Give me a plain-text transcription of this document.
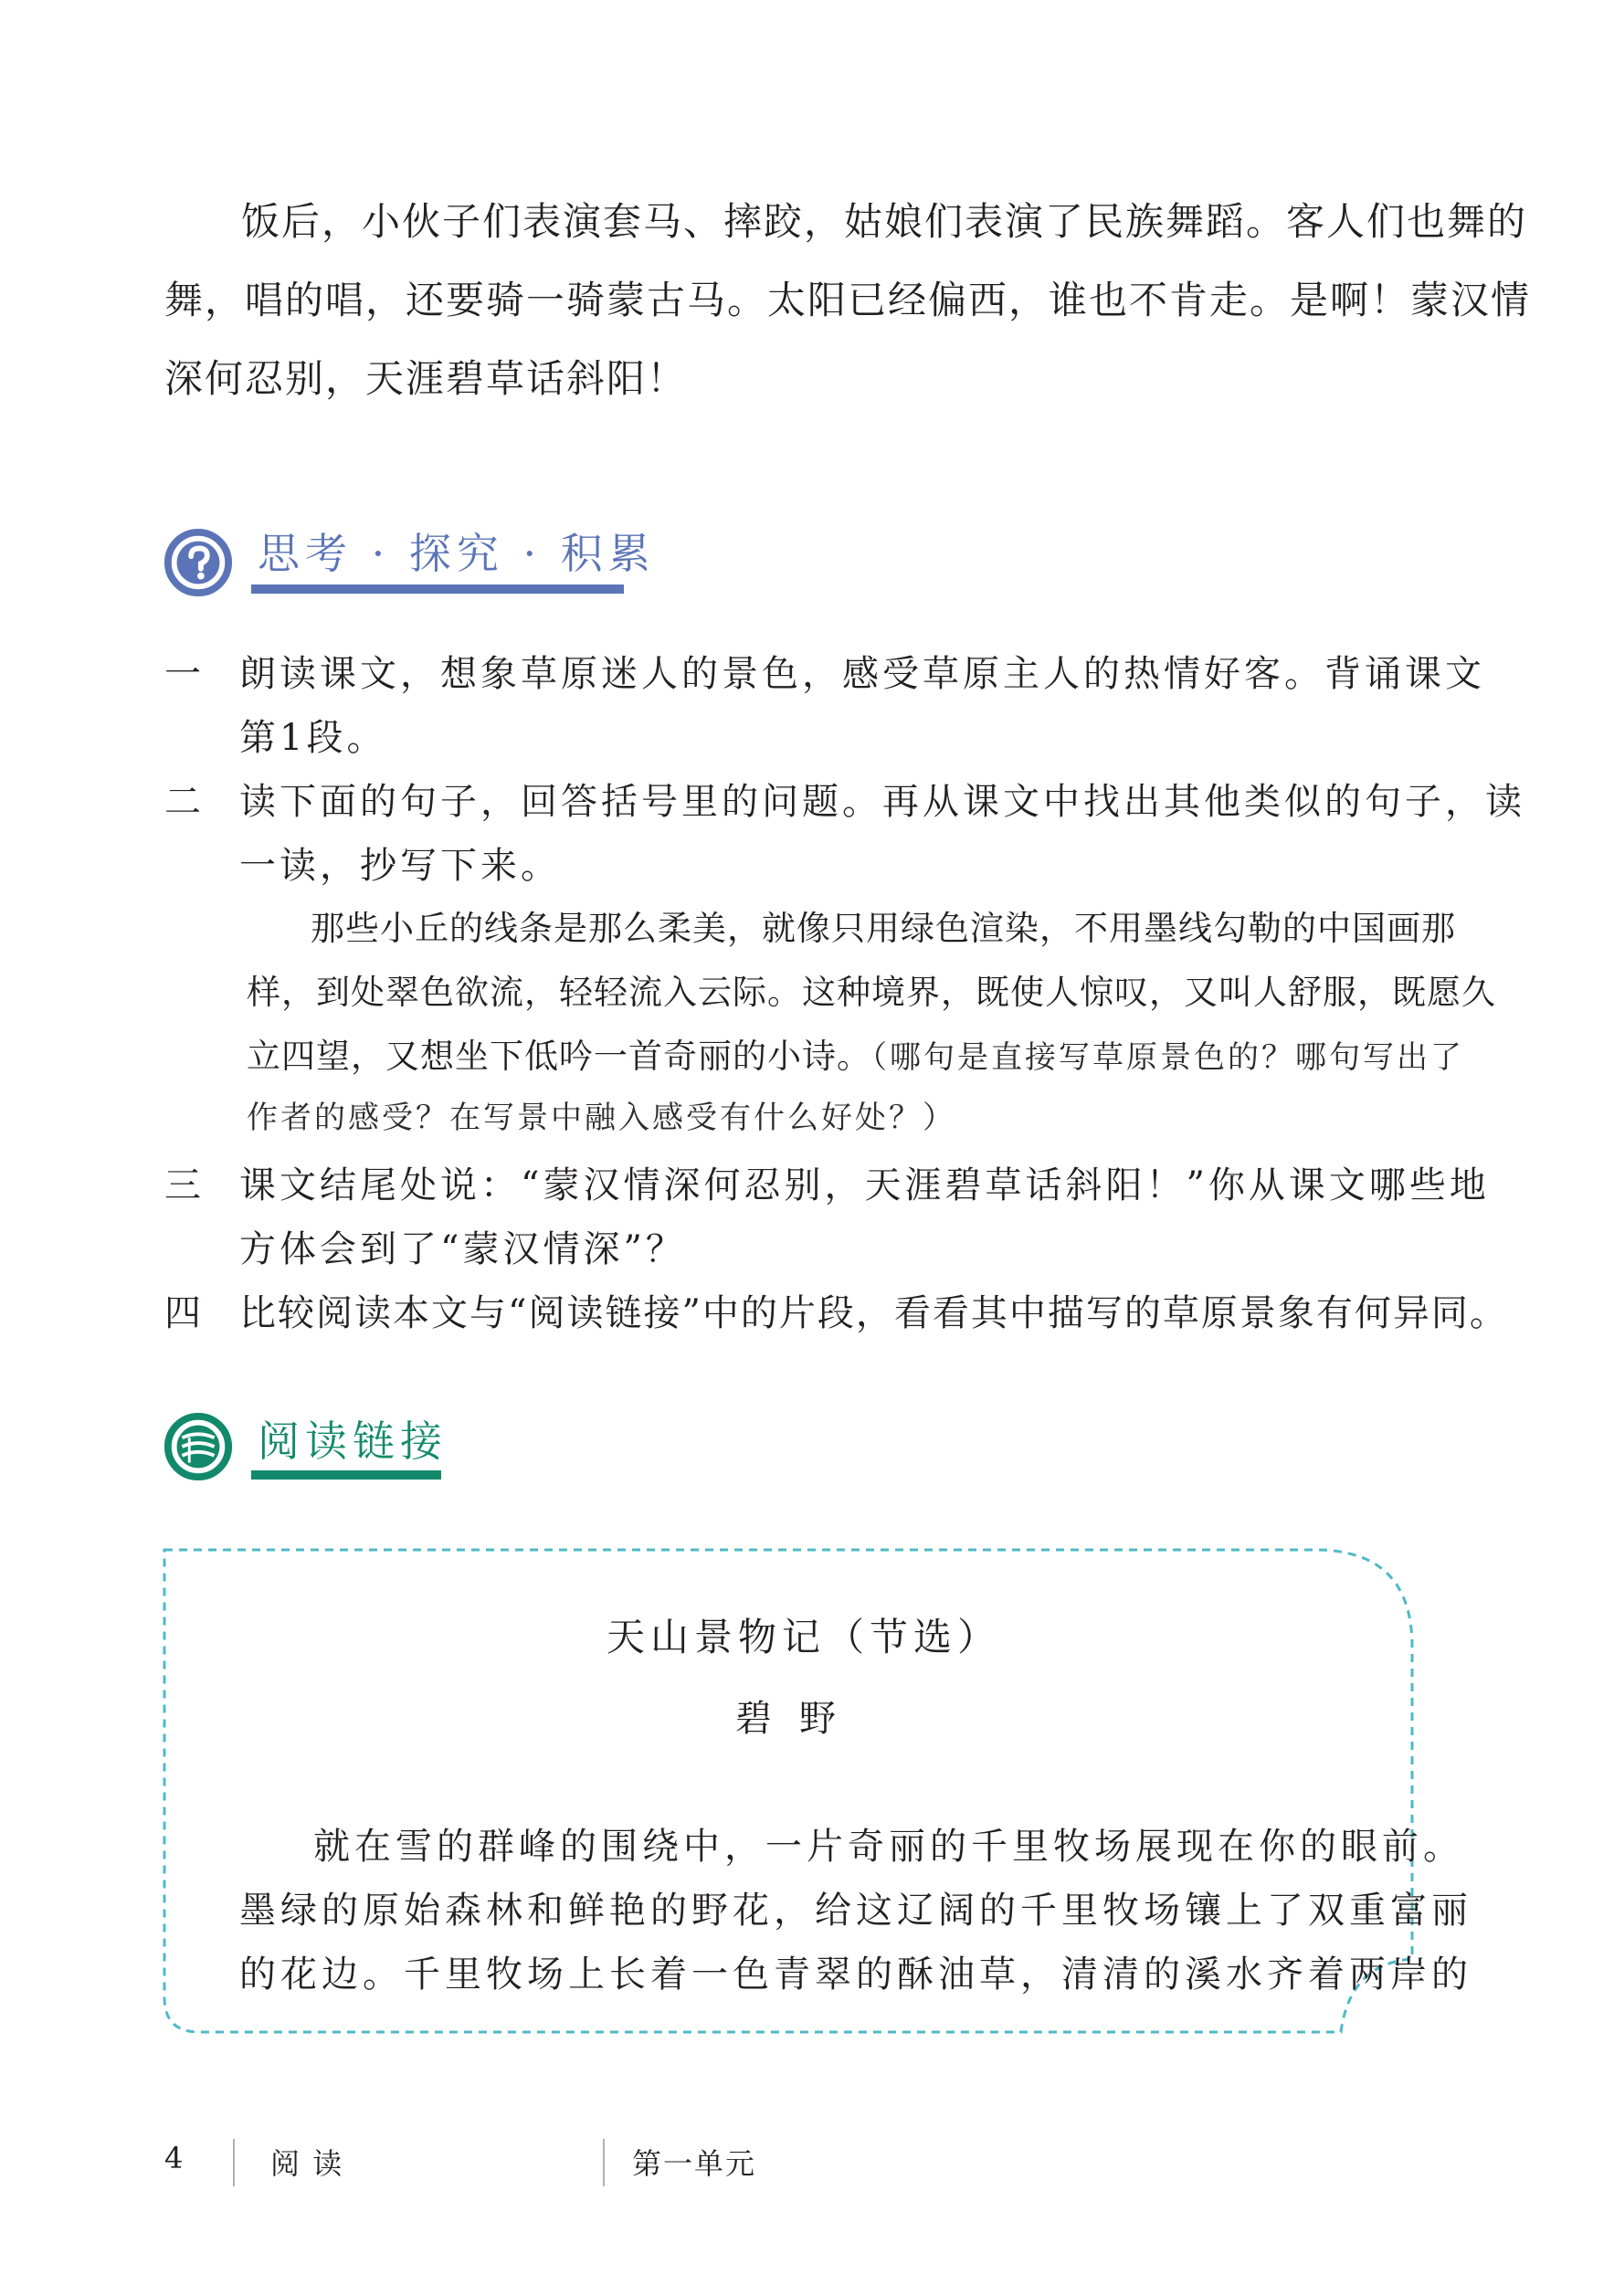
饭后，小伙子们表演套马、摔跤，姑娘们表演了民族舞蹈。客人们也舞的
舞，唱的唱，还要骑一骑蒙古马。太阳已经偏西，谁也不肯走。是啊！蒙汉情
深何忍别，天涯碧草话斜阳！
思考 · 探究 · 积累
一 朗读课文，想象草原迷人的景色，感受草原主人的热情好客。背诵课文
第1段。
二 读下面的句子，回答括号里的问题。再从课文中找出其他类似的句子，读
一读，抄写下来。
那些小丘的线条是那么柔美，就像只用绿色渲染，不用墨线勾勒的中国画那
样，到处翠色欲流，轻轻流入云际。这种境界，既使人惊叹，又叫人舒服，既愿久
立四望，又想坐下低吟一首奇丽的小诗。（哪句是直接写草原景色的？哪句写出了
作者的感受？在写景中融入感受有什么好处？）
三 课文结尾处说：“蒙汉情深何忍别，天涯碧草话斜阳！”你从课文哪些地
方体会到了“蒙汉情深”？
四 比较阅读本文与“阅读链接”中的片段，看看其中描写的草原景象有何异同。
阅读链接
天山景物记（节选）
碧野
就在雪的群峰的围绕中，一片奇丽的千里牧场展现在你的眼前。
墨绿的原始森林和鲜艳的野花，给这辽阔的千里牧场镶上了双重富丽
的花边。千里牧场上长着一色青翠的酥油草，清清的溪水齐着两岸的
4	阅 读	第一单元
